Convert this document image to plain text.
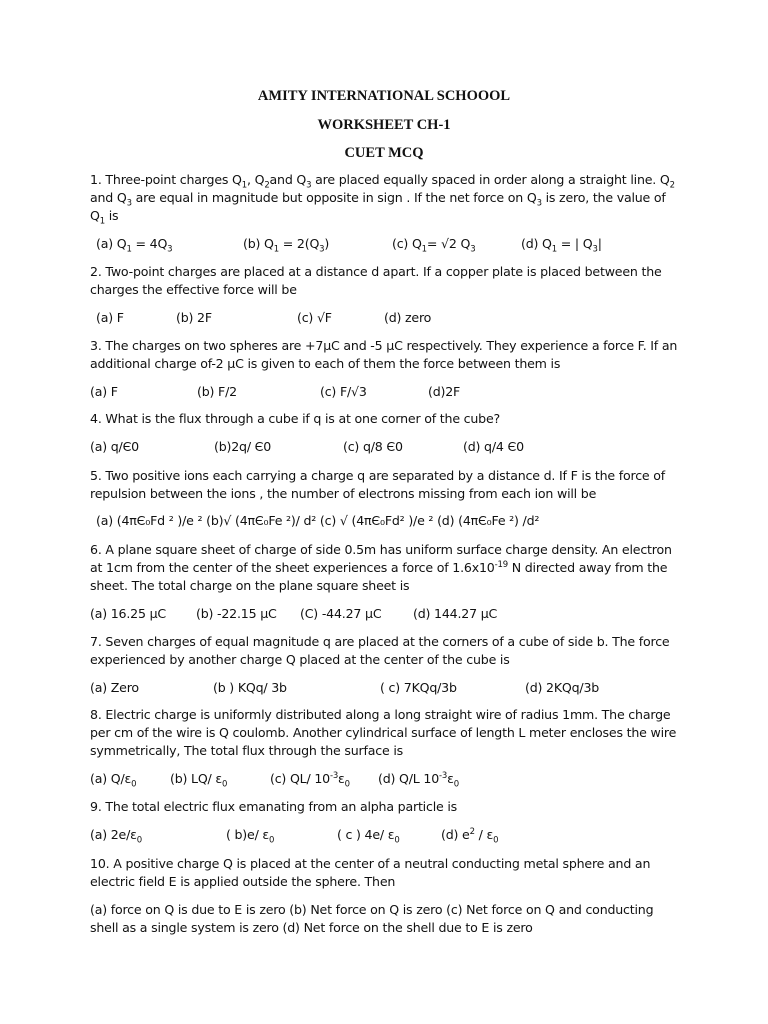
AMITY INTERNATIONAL SCHOOOL
WORKSHEET CH-1
CUET MCQ
1. Three-point charges $Q_1$, $Q_2and$ $Q_3$ are placed equally spaced in order along a straight line. $Q_2$ and $Q_3$ are equal in magnitude but opposite in sign . If the net force on $Q_3$ is zero, the value of $Q_1$ is
(a) $Q_1 = 4Q_3$	(b) $Q_1 = 2(Q_3)$	(c) $Q_1= √2$ $Q_3$	(d) $Q_1$ = | $Q_3|$
2. Two-point charges are placed at a distance d apart. If a copper plate is placed between the charges the effective force will be
(a) F	(b) 2F	(c) √F	(d) zero
3. The charges on two spheres are +7μC and -5 μC respectively. They experience a force F. If an additional charge of-2 μC is given to each of them the force between them is
(a) F	(b) F/2	(c) F/√3	(d)2F
4. What is the flux through a cube if q is at one corner of the cube?
(a) q/Є0	(b)2q/ Є0	(c) q/8 Є0	(d) q/4 Є0
5. Two positive ions each carrying a charge q are separated by a distance d. If F is the force of repulsion between the ions , the number of electrons missing from each ion will be
(a) (4πЄ₀Fd ² )/e ² (b)√ (4πЄ₀Fe ²)/ d² (c) √ (4πЄ₀Fd² )/e ² (d) (4πЄ₀Fe ²) /d²
6. A plane square sheet of charge of side 0.5m has uniform surface charge density. An electron at 1cm from the center of the sheet experiences a force of $1.6x10^{-19}$ N directed away from the sheet. The total charge on the plane square sheet is
(a) 16.25 μC (b) -22.15 μC (C) -44.27 μC	(d) 144.27 μC
7. Seven charges of equal magnitude q are placed at the corners of a cube of side b. The force experienced by another charge Q placed at the center of the cube is
(a) Zero	(b ) KQq/ 3b	( c) 7KQq/3b	(d) 2KQq/3b
8. Electric charge is uniformly distributed along a long straight wire of radius 1mm. The charge per cm of the wire is Q coulomb. Another cylindrical surface of length L meter encloses the wire symmetrically, The total flux through the surface is
(a) $Q/\varepsilon_0$	(b) LQ/ $\varepsilon_0$	(c) QL/ $10^{-3}\varepsilon_0$ (d) Q/L $10^{-3}\varepsilon_0$
9. The total electric flux emanating from an alpha particle is
(a) $2e/\varepsilon_0$	( b)e/ $\varepsilon_0$	( c ) 4e/ $\varepsilon_0$	(d) $e^2 / \varepsilon_0$
10. A positive charge Q is placed at the center of a neutral conducting metal sphere and an electric field E is applied outside the sphere. Then
(a) force on Q is due to E is zero (b) Net force on Q is zero (c) Net force on Q and conducting shell as a single system is zero (d) Net force on the shell due to E is zero
